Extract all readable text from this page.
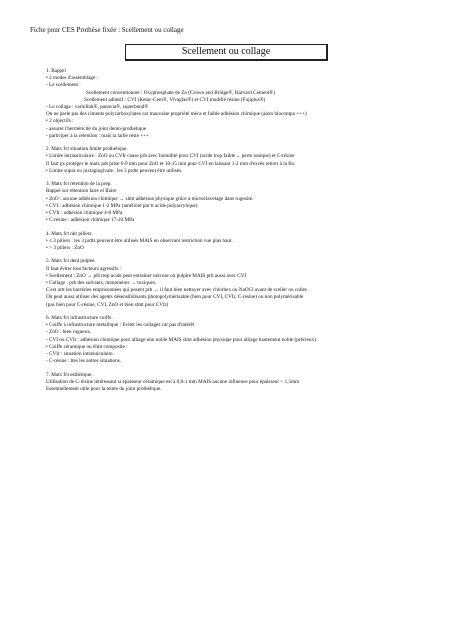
Fiche pour CES Prothèse fixée : Scellement ou collage
Scellement ou collage
1. Rappel
• 2 modes d'assemblage :
- Le scellement :
Scellement conventionnel : Oxyphosphate de Zn (Crown and Bridge®, Harvard Cement®)
Scellement adhésif : CVI (Ketac-Cem®, Vivaglas®) et CVI modifié résine (Fujiplus®)
- Le collage : variolink®, panavia®, superbond®
On ne parle pas des ciments polycarboxylates car mauvaise propriété méca et faible adhésion chimique (alors biocompa +++)
• 2 objectifs :
- assurer l'herméticité du joint dento-prothétique
- participer à la rétention : mais la taille reste +++
2. Matx fct situation limite prothétique.
• Limite intrasulculaire : ZnO ou CVIr cause prb avec humidité pour CVI (acide trop faible→ perte ionique) et C-résine
Il faut tjs protéger le matx pdt prise 6-9 min pour ZnO et 10-15 min pour CVI en laissant 1-2 mm d'excès retirer à la fin.
• Limite supra ou juxtagingivale : les 3 prdts peuvent être utilisés.
3. Matx fct rétention de la prep.
Rappel sur rétention Iaire et IIaire
• ZnO : aucune adhésion chimique → slmt adhésion physique grâce à microclavetage dans rugosité.
• CVI : adhésion chimique 1-2 MPa (amélioré par tt acide polyacrylique)
• CVIr : adhésion chimique 4-8 MPa
• C-résine : adhésion chimique 17-20 MPa
4. Matx fct nbr piliers.
• ≤ 3 piliers : les 3 prdts peuvent être utilisés MAIS en observant restriction vue plus haut.
• > 3 piliers : ZnO
5. Matx fct dent pulpée.
Il faut éviter tout facteurs agressifs :
• Scellement : ZnO → pH trop acide peut entraîner nécrose ou pulpite MAIS prb aussi avec CVI
• Collage : prb des solvants, monomères → toxiques.
C'est urtt les bactéries emprisonnées qui posent prb → il faut bien nettoyer avec chlorhex ou NaOCl avant de sceller ou coller.
On peut aussi utiliser des agents désensibilisants photopolymérisable (bien pour CVI, CVIr, C-résine) ou non polymérisable
(pas bien pour C-résine, CVI, ZnO et bien slmt pour CVIr)
6. Matx fct infrastructure coiffe.
• Coiffe à infrastructure métallique : Eviter les collages car pas d'intérêt
- ZnO : bien rugueux.
- CVI ou CVIr : adhésion chimique pour alliage non noble MAIS slmt adhésion physique pour alliage hautement noble (précieux).
• Coiffe céramique ou élmt composite :
- CVIr : situation intrasulculaire.
- C-résine : ttes les autres situations.
7. Matx fct esthétique.
Utilisation de C-résine intéressant si épaisseur céramique est à 0,8-1 mm MAIS aucune influence pour épaisseur > 1,5mm
Essentiellement utile pour la teinte du joint prothétique.
